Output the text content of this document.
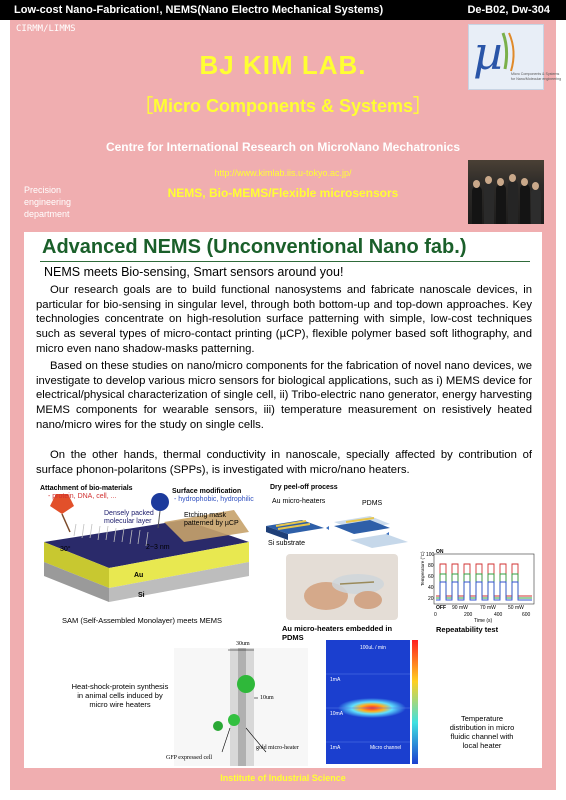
Low-cost Nano-Fabrication!, NEMS(Nano Electro Mechanical Systems)	De-B02, Dw-304
CIRMM/LIMMS
BJ KIM LAB.
［Micro Components & Systems］
Centre for International Research on MicroNano Mechatronics
http://www.kimlab.iis.u-tokyo.ac.jp/
NEMS, Bio-MEMS/Flexible microsensors
Precision engineering department
µ Micro Components & Systems
for Nano/Molecular engineering
Advanced NEMS (Unconventional Nano fab.)
NEMS meets Bio-sensing, Smart sensors around you!
Our research goals are to build functional nanosystems and fabricate nanoscale devices, in particular for bio-sensing in singular level, through both bottom-up and top-down approaches. Key technologies concentrate on high-resolution surface patterning with simple, low-cost techniques such as several types of micro-contact printing (µCP), flexible polymer based soft lithography, and micro even nano shadow-masks patterning.
Based on these studies on nano/micro components for the fabrication of novel nano devices, we investigate to develop various micro sensors for biological applications, such as i) MEMS device for electrical/physical characterization of single cell, ii) Tribo-electric nano generator, energy harvesting MEMS components for wearable sensors, iii) temperature measurement on resistively heated nano/micro wires for the study on single cells.
On the other hands, thermal conductivity in nanoscale, specially affected by contribution of surface phonon-polaritons (SPPs), is investigated with micro/nano heaters.
Attachment of bio-materials
- protein, DNA, cell, ...
Surface modification
- hydrophobic, hydrophilic
Densely packed molecular layer
Etching mask patterned by µCP
30°	2~3 nm
Au
Si
SAM (Self-Assembled Monolayer) meets MEMS
Dry peel-off process
Au micro-heaters	PDMS
Si substrate
Au micro-heaters embedded in PDMS
Temperature (°C) 100
80
60
40
20
ON
OFF 90 mW 70 mW 50 mW
0	200	400	600
Time (s)
Repeatability test
Heat-shock-protein synthesis in animal cells induced by micro wire heaters
30um
10um
GFP expressed cell
gold micro-heater
100uL / min
1mA
10mA
1mA	Micro channel
Temperature distribution in micro fluidic channel with local heater
Institute of Industrial Science
